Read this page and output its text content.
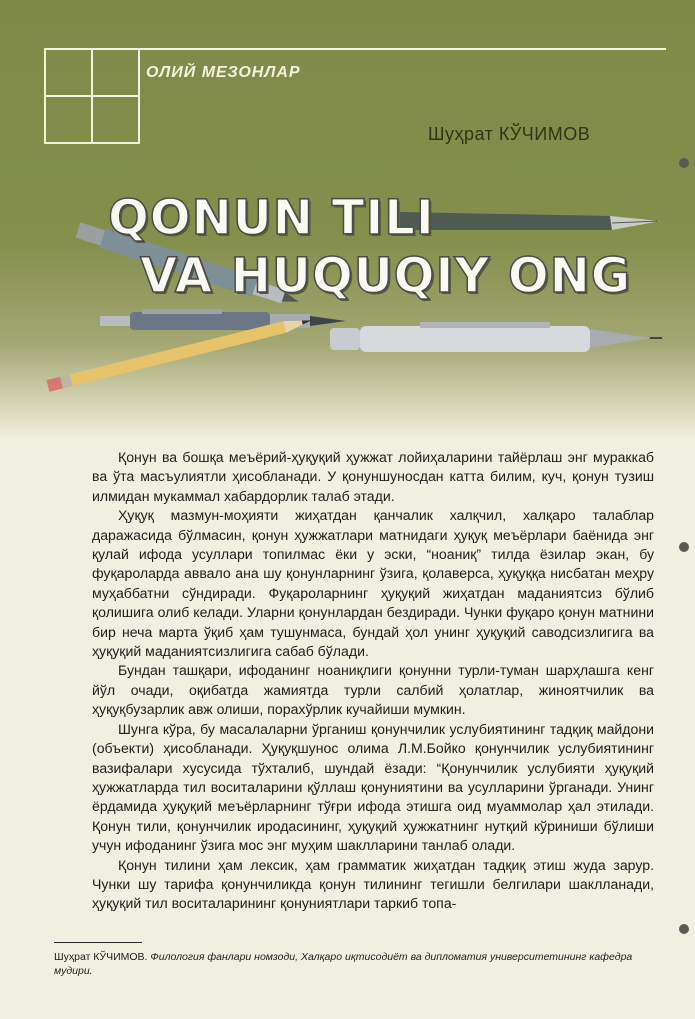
ОЛИЙ МЕЗОНЛАР
Шуҳрат КЎЧИМОВ
QONUN TILI
VA HUQUQIY ONG

Қонун ва бошқа меъёрий-ҳуқуқий ҳужжат лойиҳаларини тайёрлаш энг мураккаб ва ўта масъулиятли ҳисобланади. У қонуншуносдан катта билим, куч, қонун тузиш илмидан мукаммал хабардорлик талаб этади.

Ҳуқуқ мазмун-моҳияти жиҳатдан қанчалик халқчил, халқаро талаблар даражасида бўлмасин, қонун ҳужжатлари матнидаги ҳуқуқ меъёрлари баёнида энг қулай ифода усуллари топилмас ёки у эски, “ноаниқ” тилда ёзилар экан, бу фуқароларда аввало ана шу қонунларнинг ўзига, қолаверса, ҳуқуққа нисбатан меҳру муҳаббатни сўндиради. Фуқароларнинг ҳуқуқий жиҳатдан маданиятсиз бўлиб қолишига олиб келади. Уларни қонунлардан бездиради. Чунки фуқаро қонун матнини бир неча марта ўқиб ҳам тушунмаса, бундай ҳол унинг ҳуқуқий саводсизлигига ва ҳуқуқий маданиятсизлигига сабаб бўлади.

Бундан ташқари, ифоданинг ноаниқлиги қонунни турли-туман шарҳлашга кенг йўл очади, оқибатда жамиятда турли салбий ҳолатлар, жиноятчилик ва ҳуқуқбузарлик авж олиши, порахўрлик кучайиши мумкин.

Шунга кўра, бу масалаларни ўрганиш қонунчилик услубиятининг тадқиқ майдони (объекти) ҳисобланади. Ҳуқуқшунос олима Л.М.Бойко қонунчилик услубиятининг вазифалари хусусида тўхталиб, шундай ёзади: “Қонунчилик услубияти ҳуқуқий ҳужжатларда тил воситаларини қўллаш қонуниятини ва усулларини ўрганади. Унинг ёрдамида ҳуқуқий меъёрларнинг тўғри ифода этишга оид муаммолар ҳал этилади. Қонун тили, қонунчилик иродасининг, ҳуқуқий ҳужжатнинг нутқий кўриниши бўлиши учун ифоданинг ўзига мос энг муҳим шаклларини танлаб олади.

Қонун тилини ҳам лексик, ҳам грамматик жиҳатдан тадқиқ этиш жуда зарур. Чунки шу тарифа қонунчиликда қонун тилининг тегишли белгилари шаклланади, ҳуқуқий тил воситаларининг қонуниятлари таркиб топа-

Шуҳрат КЎЧИМОВ. Филология фанлари номзоди, Халқаро иқтисодиёт ва дипломатия университетининг кафедра мудири.
